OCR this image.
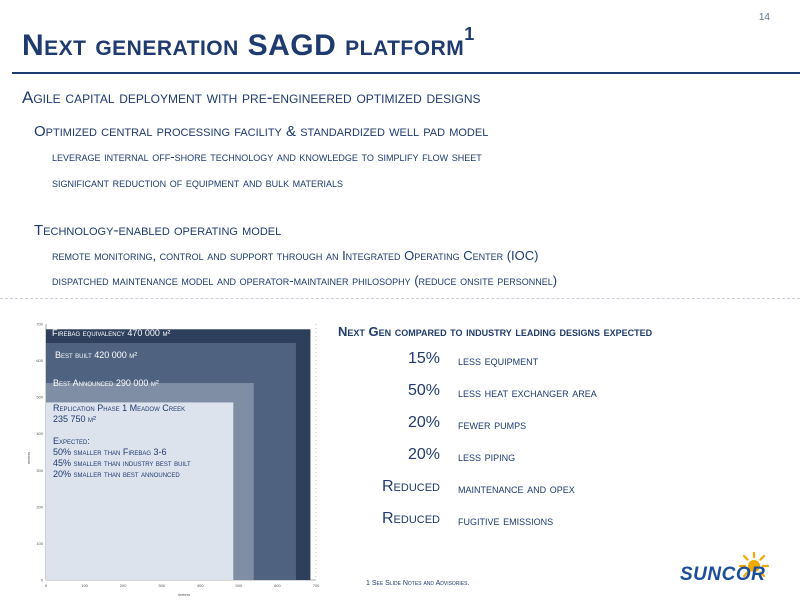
14
Next generation SAGD platform$^1$
Agile capital deployment with pre-engineered optimized designs
Optimized central processing facility & standardized well pad model
leverage internal off-shore technology and knowledge to simplify flow sheet
significant reduction of equipment and bulk materials
Technology-enabled operating model
remote monitoring, control and support through an Integrated Operating Center (IOC)
dispatched maintenance model and operator-maintainer philosophy (reduce onsite personnel)
0	100	200	300	400	500	600	700
0
100
200
300
400
500
600
700
meters
meters
Firebag equivalency 470 000 m²
Best built 420 000 m²
Best Announced 290 000 m²
Replication Phase 1 Meadow Creek
235 750 m²
Expected:
50% smaller than Firebag 3-6
45% smaller than industry best built
20% smaller than best announced
Next Gen compared to industry leading designs expected
15% less equipment
50% less heat exchanger area
20% fewer pumps
20% less piping
Reduced maintenance and opex
Reduced fugitive emissions
1 See Slide Notes and Advisories.	SUNCOR
